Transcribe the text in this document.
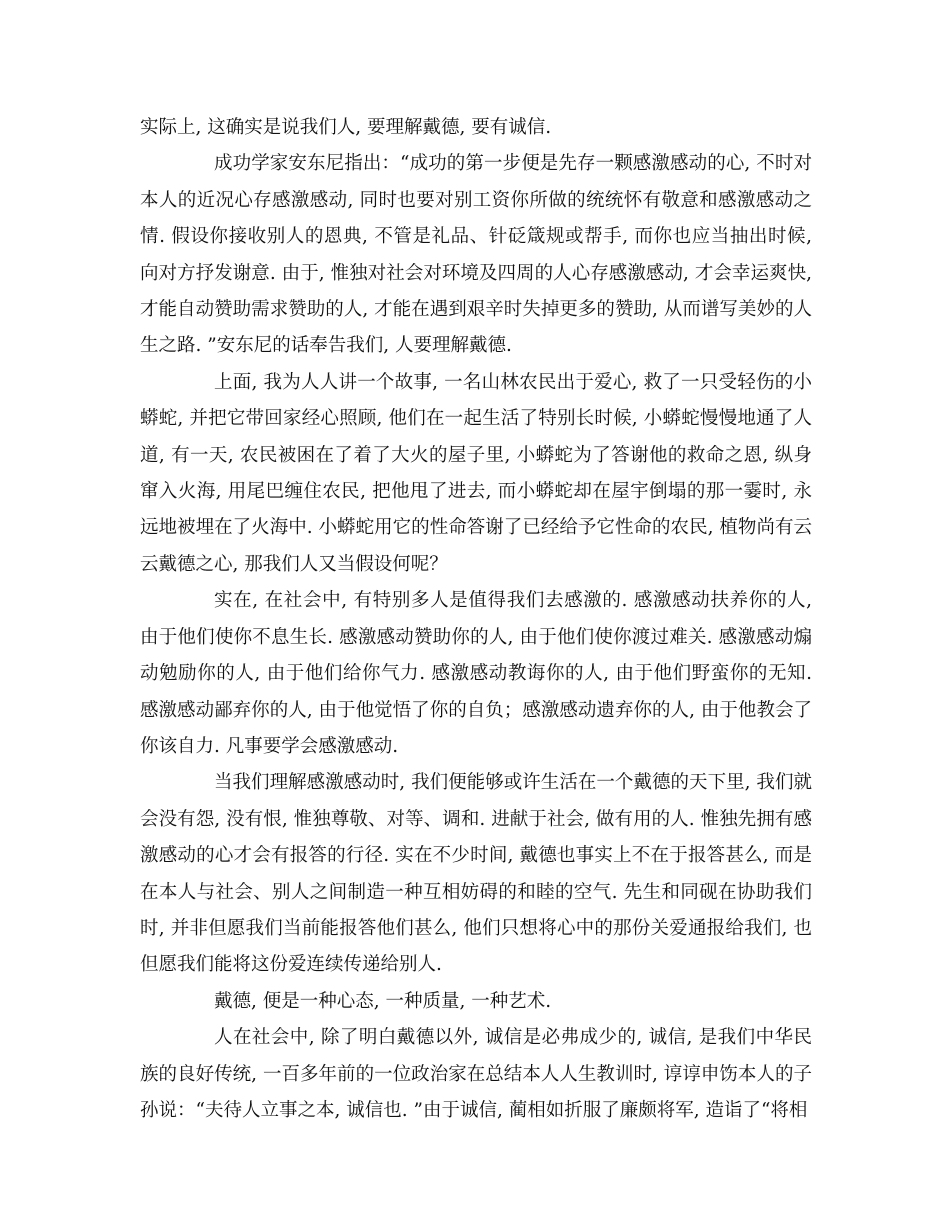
实际上, 这确实是说我们人, 要理解戴德, 要有诚信.

成功学家安东尼指出：“成功的第一步便是先存一颗感激感动的心, 不时对本人的近况心存感激感动, 同时也要对别工资你所做的统统怀有敬意和感激感动之情. 假设你接收别人的恩典, 不管是礼品、针砭箴规或帮手, 而你也应当抽出时候, 向对方抒发谢意. 由于, 惟独对社会对环境及四周的人心存感激感动, 才会幸运爽快, 才能自动赞助需求赞助的人, 才能在遇到艰辛时失掉更多的赞助, 从而谱写美妙的人生之路. ”安东尼的话奉告我们, 人要理解戴德.

上面, 我为人人讲一个故事, 一名山林农民出于爱心, 救了一只受轻伤的小蟒蛇, 并把它带回家经心照顾, 他们在一起生活了特别长时候, 小蟒蛇慢慢地通了人道, 有一天, 农民被困在了着了大火的屋子里, 小蟒蛇为了答谢他的救命之恩, 纵身窜入火海, 用尾巴缠住农民, 把他甩了进去, 而小蟒蛇却在屋宇倒塌的那一霎时, 永远地被埋在了火海中. 小蟒蛇用它的性命答谢了已经给予它性命的农民, 植物尚有云云戴德之心, 那我们人又当假设何呢？

实在, 在社会中, 有特别多人是值得我们去感激的. 感激感动扶养你的人, 由于他们使你不息生长. 感激感动赞助你的人, 由于他们使你渡过难关. 感激感动煽动勉励你的人, 由于他们给你气力. 感激感动教诲你的人, 由于他们野蛮你的无知. 感激感动鄙弃你的人, 由于他觉悟了你的自负；感激感动遗弃你的人, 由于他教会了你该自力. 凡事要学会感激感动.

当我们理解感激感动时, 我们便能够或许生活在一个戴德的天下里, 我们就会没有怨, 没有恨, 惟独尊敬、对等、调和. 进献于社会, 做有用的人. 惟独先拥有感激感动的心才会有报答的行径. 实在不少时间, 戴德也事实上不在于报答甚么, 而是在本人与社会、别人之间制造一种互相妨碍的和睦的空气. 先生和同砚在协助我们时, 并非但愿我们当前能报答他们甚么, 他们只想将心中的那份关爱通报给我们, 也但愿我们能将这份爱连续传递给别人.

戴德, 便是一种心态, 一种质量, 一种艺术.

人在社会中, 除了明白戴德以外, 诚信是必弗成少的, 诚信, 是我们中华民族的良好传统, 一百多年前的一位政治家在总结本人人生教训时, 谆谆申饬本人的子孙说：“夫待人立事之本, 诚信也. ”由于诚信, 蔺相如折服了廉颇将军, 造诣了“将相
